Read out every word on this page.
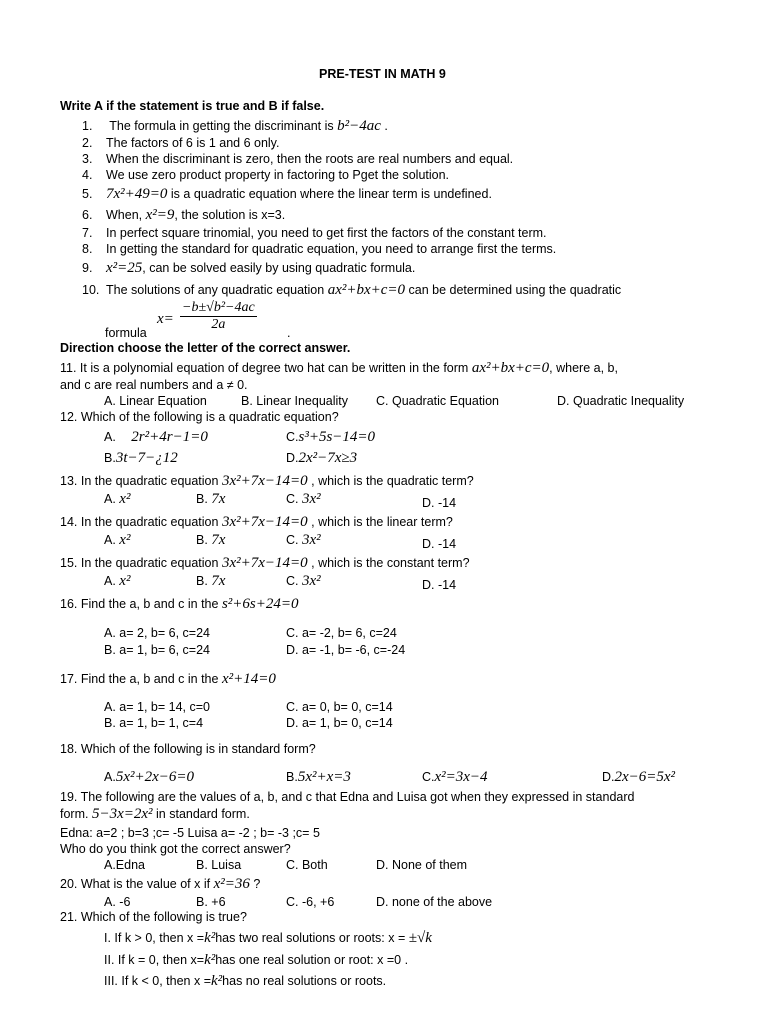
PRE-TEST IN MATH 9
Write A if the statement is true and B if false.
1. The formula in getting the discriminant is b²−4ac .
2. The factors of 6 is 1 and 6 only.
3. When the discriminant is zero, then the roots are real numbers and equal.
4. We use zero product property in factoring to Pget the solution.
5. 7x²+49=0 is a quadratic equation where the linear term is undefined.
6. When, x²=9, the solution is x=3.
7. In perfect square trinomial, you need to get first the factors of the constant term.
8. In getting the standard for quadratic equation, you need to arrange first the terms.
9. x²=25, can be solved easily by using quadratic formula.
10. The solutions of any quadratic equation ax²+bx+c=0 can be determined using the quadratic
$x= \frac{\text{−b±√b²−4ac}}{2a}$
formula	.
Direction choose the letter of the correct answer.
11. It is a polynomial equation of degree two hat can be written in the form ax²+bx+c=0, where a, b,
and c are real numbers and a ≠ 0.
A. Linear Equation	B. Linear Inequality C. Quadratic Equation	D. Quadratic Inequality
12. Which of the following is a quadratic equation?
A. 2r²+4r−1=0	C.s³+5s−14=0
B.3t−7−¿12	D.2x²−7x≥3
13. In the quadratic equation 3x²+7x−14=0 , which is the quadratic term?
A. x²	B. 7x	C. 3x²	D. -14
14. In the quadratic equation 3x²+7x−14=0 , which is the linear term?
A. x²	B. 7x	C. 3x²	D. -14
15. In the quadratic equation 3x²+7x−14=0 , which is the constant term?
A. x²	B. 7x	C. 3x²	D. -14
16. Find the a, b and c in the s²+6s+24=0
A. a= 2, b= 6, c=24	C. a= -2, b= 6, c=24
B. a= 1, b= 6, c=24	D. a= -1, b= -6, c=-24
17. Find the a, b and c in the x²+14=0
A. a= 1, b= 14, c=0	C. a= 0, b= 0, c=14
B. a= 1, b= 1, c=4	D. a= 1, b= 0, c=14
18. Which of the following is in standard form?
A.5x²+2x−6=0	B.5x²+x=3	C.x²=3x−4	D.2x−6=5x²
19. The following are the values of a, b, and c that Edna and Luisa got when they expressed in standard
form. 5−3x=2x² in standard form.
Edna: a=2 ; b=3 ;c= -5 Luisa a= -2 ; b= -3 ;c= 5
Who do you think got the correct answer?
A.Edna	B. Luisa	C. Both	D. None of them
20. What is the value of x if x²=36 ?
A. -6	B. +6	C. -6, +6	D. none of the above
21. Which of the following is true?
I. If k > 0, then x =k²has two real solutions or roots: x = ±√k
II. If k = 0, then x=k²has one real solution or root: x =0 .
III. If k < 0, then x =k²has no real solutions or roots.
